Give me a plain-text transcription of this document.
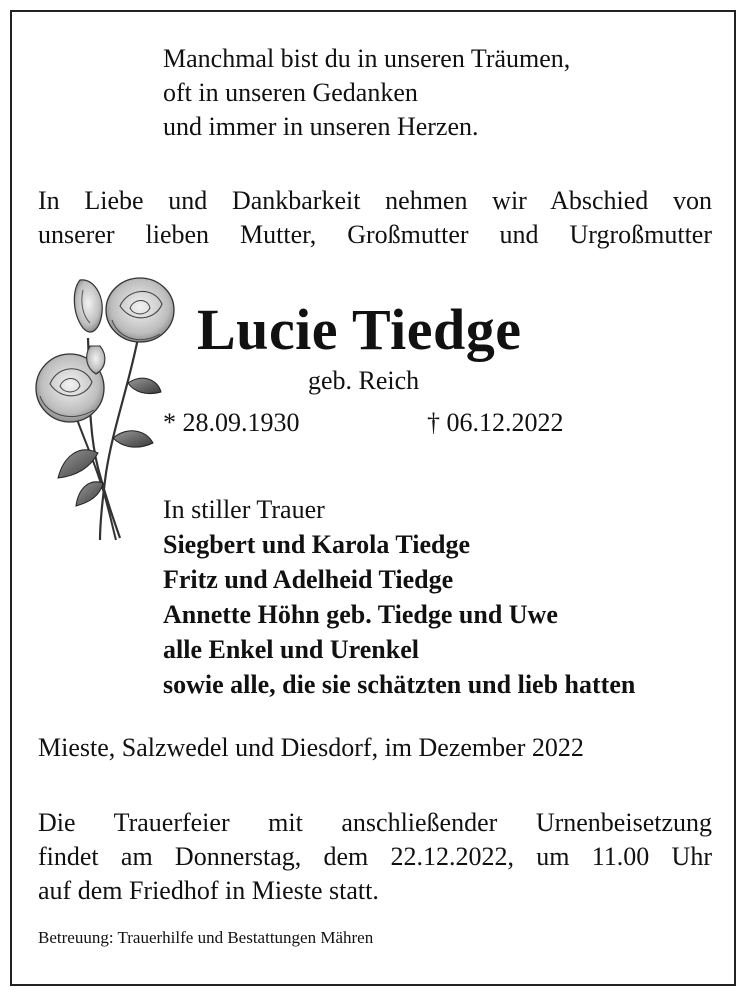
Manchmal bist du in unseren Träumen,
oft in unseren Gedanken
und immer in unseren Herzen.
In Liebe und Dankbarkeit nehmen wir Abschied von
unserer lieben Mutter, Großmutter und Urgroßmutter
Lucie Tiedge
geb. Reich
* 28.09.1930	† 06.12.2022
In stiller Trauer
Siegbert und Karola Tiedge
Fritz und Adelheid Tiedge
Annette Höhn geb. Tiedge und Uwe
alle Enkel und Urenkel
sowie alle, die sie schätzten und lieb hatten
Mieste, Salzwedel und Diesdorf, im Dezember 2022
Die Trauerfeier mit anschließender Urnenbeisetzung
findet am Donnerstag, dem 22.12.2022, um 11.00 Uhr
auf dem Friedhof in Mieste statt.
Betreuung: Trauerhilfe und Bestattungen Mähren
